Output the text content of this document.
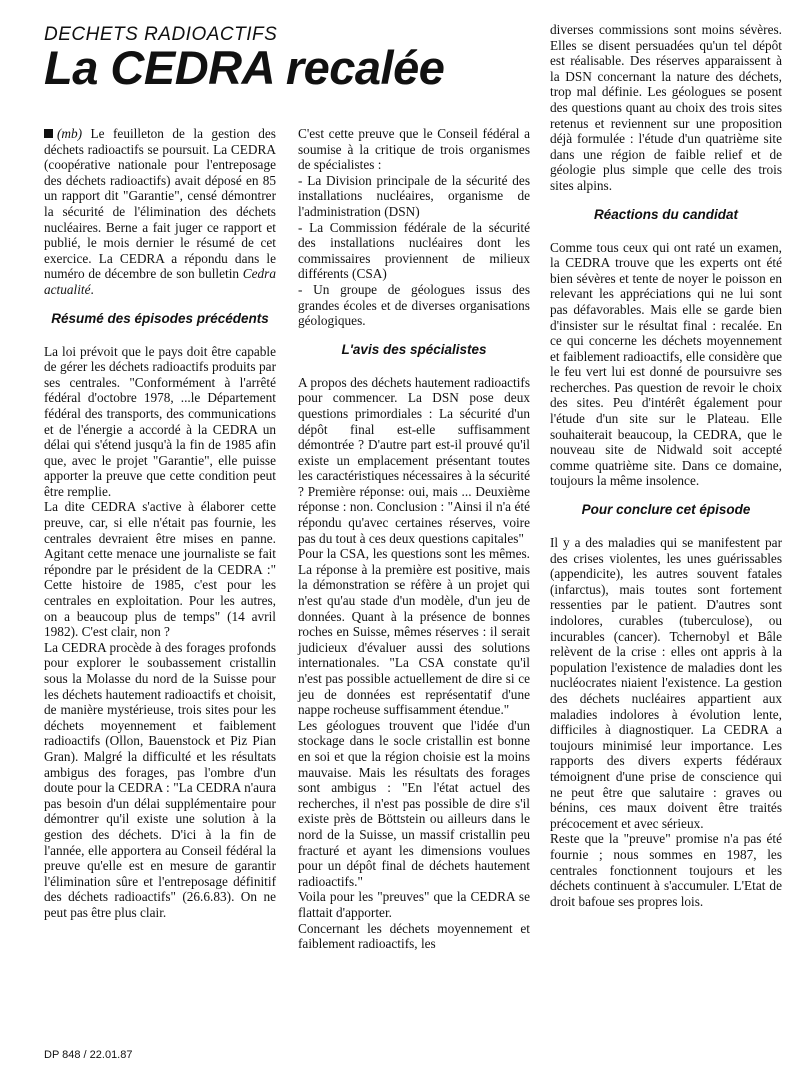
DECHETS RADIOACTIFS
La CEDRA recalée

(mb) Le feuilleton de la gestion des déchets radioactifs se poursuit. La CEDRA (coopérative nationale pour l'entreposage des déchets radioactifs) avait déposé en 85 un rapport dit "Garantie", censé démontrer la sécurité de l'élimination des déchets nucléaires. Berne a fait juger ce rapport et publié, le mois dernier le résumé de cet exercice. La CEDRA a répondu dans le numéro de décembre de son bulletin Cedra actualité.

Résumé des épisodes précédents

La loi prévoit que le pays doit être capable de gérer les déchets radioactifs produits par ses centrales. "Conformément à l'arrêté fédéral d'octobre 1978, ...le Département fédéral des transports, des communications et de l'énergie a accordé à la CEDRA un délai qui s'étend jusqu'à la fin de 1985 afin que, avec le projet "Garantie", elle puisse apporter la preuve que cette condition peut être remplie.

La dite CEDRA s'active à élaborer cette preuve, car, si elle n'était pas fournie, les centrales devraient être mises en panne. Agitant cette menace une journaliste se fait répondre par le président de la CEDRA :" Cette histoire de 1985, c'est pour les centrales en exploitation. Pour les autres, on a beaucoup plus de temps" (14 avril 1982). C'est clair, non ?

La CEDRA procède à des forages profonds pour explorer le soubassement cristallin sous la Molasse du nord de la Suisse pour les déchets hautement radioactifs et choisit, de manière mystérieuse, trois sites pour les déchets moyennement et faiblement radioactifs (Ollon, Bauenstock et Piz Pian Gran). Malgré la difficulté et les résultats ambigus des forages, pas l'ombre d'un doute pour la CEDRA : "La CEDRA n'aura pas besoin d'un délai supplémentaire pour démontrer qu'il existe une solution à la gestion des déchets. D'ici à la fin de l'année, elle apportera au Conseil fédéral la preuve qu'elle est en mesure de garantir l'élimination sûre et l'entreposage définitif des déchets radioactifs" (26.6.83). On ne peut pas être plus clair.

C'est cette preuve que le Conseil fédéral a soumise à la critique de trois organismes de spécialistes :

- La Division principale de la sécurité des installations nucléaires, organisme de l'administration (DSN)

- La Commission fédérale de la sécurité des installations nucléaires dont les commissaires proviennent de milieux différents (CSA)

- Un groupe de géologues issus des grandes écoles et de diverses organisations géologiques.

L'avis des spécialistes

A propos des déchets hautement radioactifs pour commencer. La DSN pose deux questions primordiales : La sécurité d'un dépôt final est-elle suffisamment démontrée ? D'autre part est-il prouvé qu'il existe un emplacement présentant toutes les caractéristiques nécessaires à la sécurité ? Première réponse: oui, mais ... Deuxième réponse : non. Conclusion : "Ainsi il n'a été répondu qu'avec certaines réserves, voire pas du tout à ces deux questions capitales"

Pour la CSA, les questions sont les mêmes. La réponse à la première est positive, mais la démonstration se réfère à un projet qui n'est qu'au stade d'un modèle, d'un jeu de données. Quant à la présence de bonnes roches en Suisse, mêmes réserves : il serait judicieux d'évaluer aussi des solutions internationales. "La CSA constate qu'il n'est pas possible actuellement de dire si ce jeu de données est représentatif d'une nappe rocheuse suffisamment étendue."

Les géologues trouvent que l'idée d'un stockage dans le socle cristallin est bonne en soi et que la région choisie est la moins mauvaise. Mais les résultats des forages sont ambigus : "En l'état actuel des recherches, il n'est pas possible de dire s'il existe près de Böttstein ou ailleurs dans le nord de la Suisse, un massif cristallin peu fracturé et ayant les dimensions voulues pour un dépôt final de déchets hautement radioactifs."

Voila pour les "preuves" que la CEDRA se flattait d'apporter.

Concernant les déchets moyennement et faiblement radioactifs, les

diverses commissions sont moins sévères. Elles se disent persuadées qu'un tel dépôt est réalisable. Des réserves apparaissent à la DSN concernant la nature des déchets, trop mal définie. Les géologues se posent des questions quant au choix des trois sites retenus et reviennent sur une proposition déjà formulée : l'étude d'un quatrième site dans une région de faible relief et de géologie plus simple que celle des trois sites alpins.

Réactions du candidat

Comme tous ceux qui ont raté un examen, la CEDRA trouve que les experts ont été bien sévères et tente de noyer le poisson en relevant les appréciations qui ne lui sont pas défavorables. Mais elle se garde bien d'insister sur le résultat final : recalée. En ce qui concerne les déchets moyennement et faiblement radioactifs, elle considère que le feu vert lui est donné de poursuivre ses recherches. Pas question de revoir le choix des sites. Peu d'intérêt également pour l'étude d'un site sur le Plateau. Elle souhaiterait beaucoup, la CEDRA, que le nouveau site de Nidwald soit accepté comme quatrième site. Dans ce domaine, toujours la même insolence.

Pour conclure cet épisode

Il y a des maladies qui se manifestent par des crises violentes, les unes guérissables (appendicite), les autres souvent fatales (infarctus), mais toutes sont fortement ressenties par le patient. D'autres sont indolores, curables (tuberculose), ou incurables (cancer). Tchernobyl et Bâle relèvent de la crise : elles ont appris à la population l'existence de maladies dont les nucléocrates niaient l'existence. La gestion des déchets nucléaires appartient aux maladies indolores à évolution lente, difficiles à diagnostiquer. La CEDRA a toujours minimisé leur importance. Les rapports des divers experts fédéraux témoignent d'une prise de conscience qui ne peut être que salutaire : graves ou bénins, ces maux doivent être traités précocement et avec sérieux.

Reste que la "preuve" promise n'a pas été fournie ; nous sommes en 1987, les centrales fonctionnent toujours et les déchets continuent à s'accumuler. L'Etat de droit bafoue ses propres lois.

DP 848 / 22.01.87
